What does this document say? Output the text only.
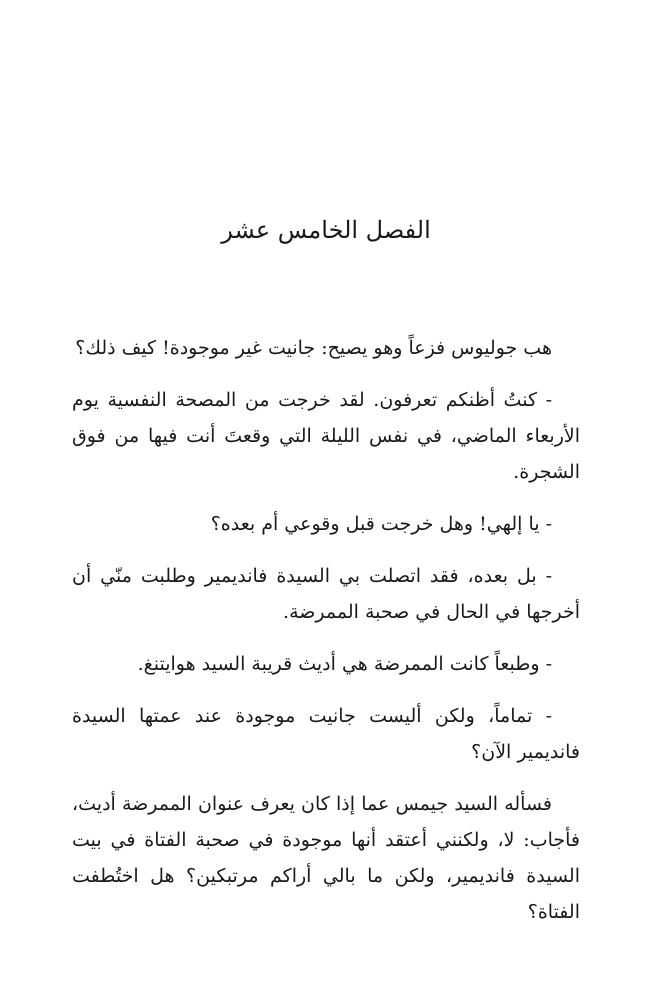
الفصل الخامس عشر

هب جوليوس فزعاً وهو يصيح: جانيت غير موجودة! كيف ذلك؟

- كنتُ أظنكم تعرفون. لقد خرجت من المصحة النفسية يوم الأربعاء الماضي، في نفس الليلة التي وقعتَ أنت فيها من فوق الشجرة.

- يا إلهي! وهل خرجت قبل وقوعي أم بعده؟

- بل بعده، فقد اتصلت بي السيدة فانديمير وطلبت منّي أن أخرجها في الحال في صحبة الممرضة.

- وطبعاً كانت الممرضة هي أديث قريبة السيد هوايتنغ.

- تماماً، ولكن أليست جانيت موجودة عند عمتها السيدة فانديمير الآن؟

فسأله السيد جيمس عما إذا كان يعرف عنوان الممرضة أديث، فأجاب: لا، ولكنني أعتقد أنها موجودة في صحبة الفتاة في بيت السيدة فانديمير، ولكن ما بالي أراكم مرتبكين؟ هل اختُطفت الفتاة؟
